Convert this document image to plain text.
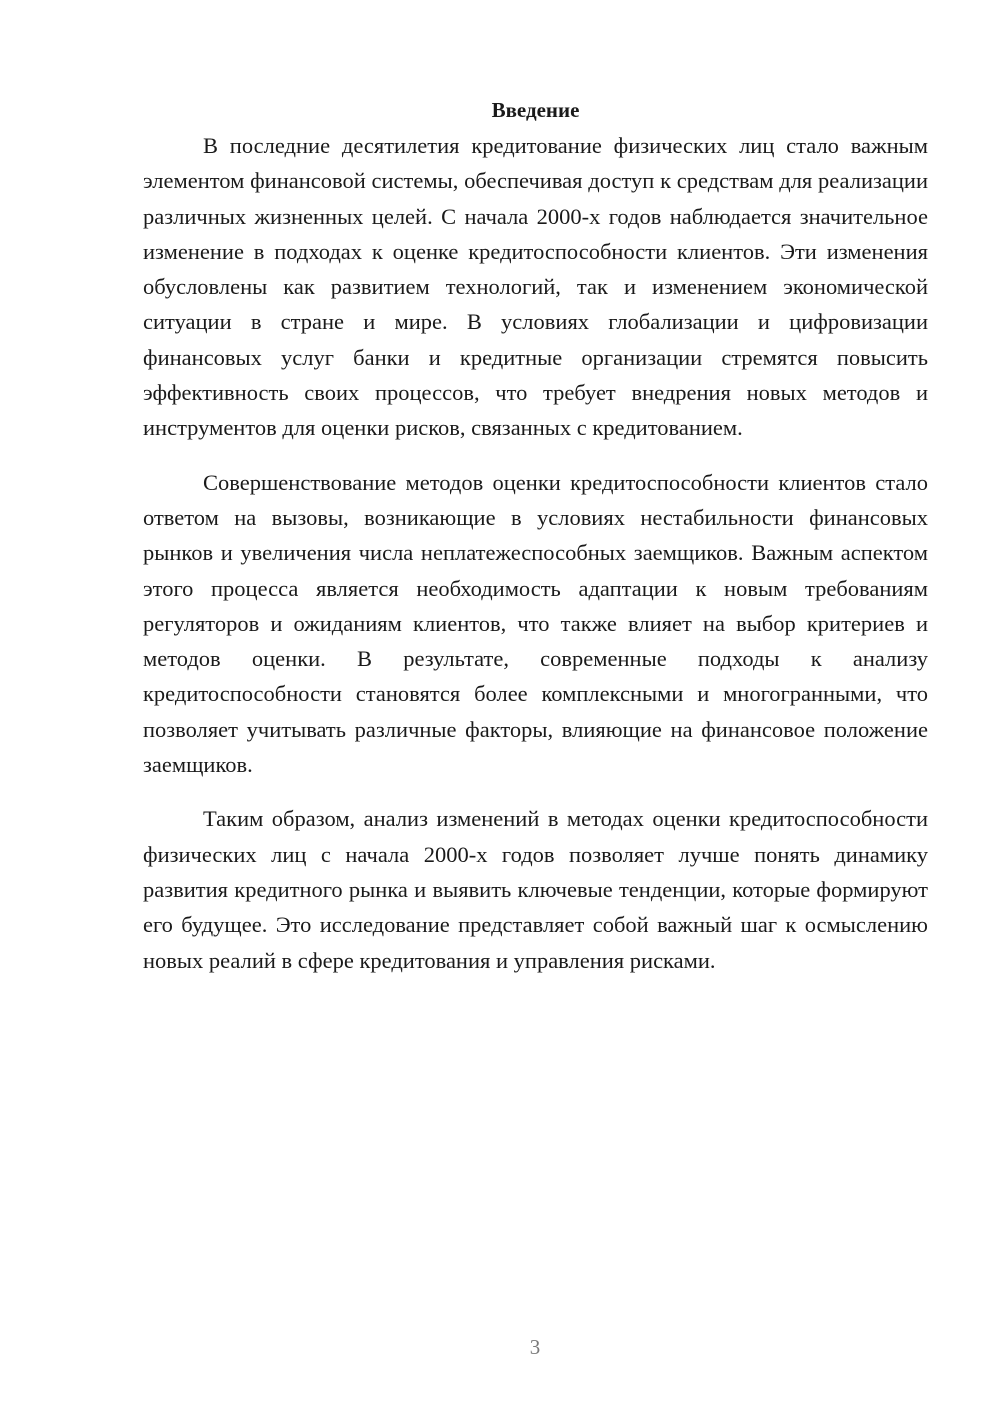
Введение

В последние десятилетия кредитование физических лиц стало важным элементом финансовой системы, обеспечивая доступ к средствам для реализации различных жизненных целей. С начала 2000-х годов наблюдается значительное изменение в подходах к оценке кредитоспособности клиентов. Эти изменения обусловлены как развитием технологий, так и изменением экономической ситуации в стране и мире. В условиях глобализации и цифровизации финансовых услуг банки и кредитные организации стремятся повысить эффективность своих процессов, что требует внедрения новых методов и инструментов для оценки рисков, связанных с кредитованием.

Совершенствование методов оценки кредитоспособности клиентов стало ответом на вызовы, возникающие в условиях нестабильности финансовых рынков и увеличения числа неплатежеспособных заемщиков. Важным аспектом этого процесса является необходимость адаптации к новым требованиям регуляторов и ожиданиям клиентов, что также влияет на выбор критериев и методов оценки. В результате, современные подходы к анализу кредитоспособности становятся более комплексными и многогранными, что позволяет учитывать различные факторы, влияющие на финансовое положение заемщиков.

Таким образом, анализ изменений в методах оценки кредитоспособности физических лиц с начала 2000-х годов позволяет лучше понять динамику развития кредитного рынка и выявить ключевые тенденции, которые формируют его будущее. Это исследование представляет собой важный шаг к осмыслению новых реалий в сфере кредитования и управления рисками.

3
